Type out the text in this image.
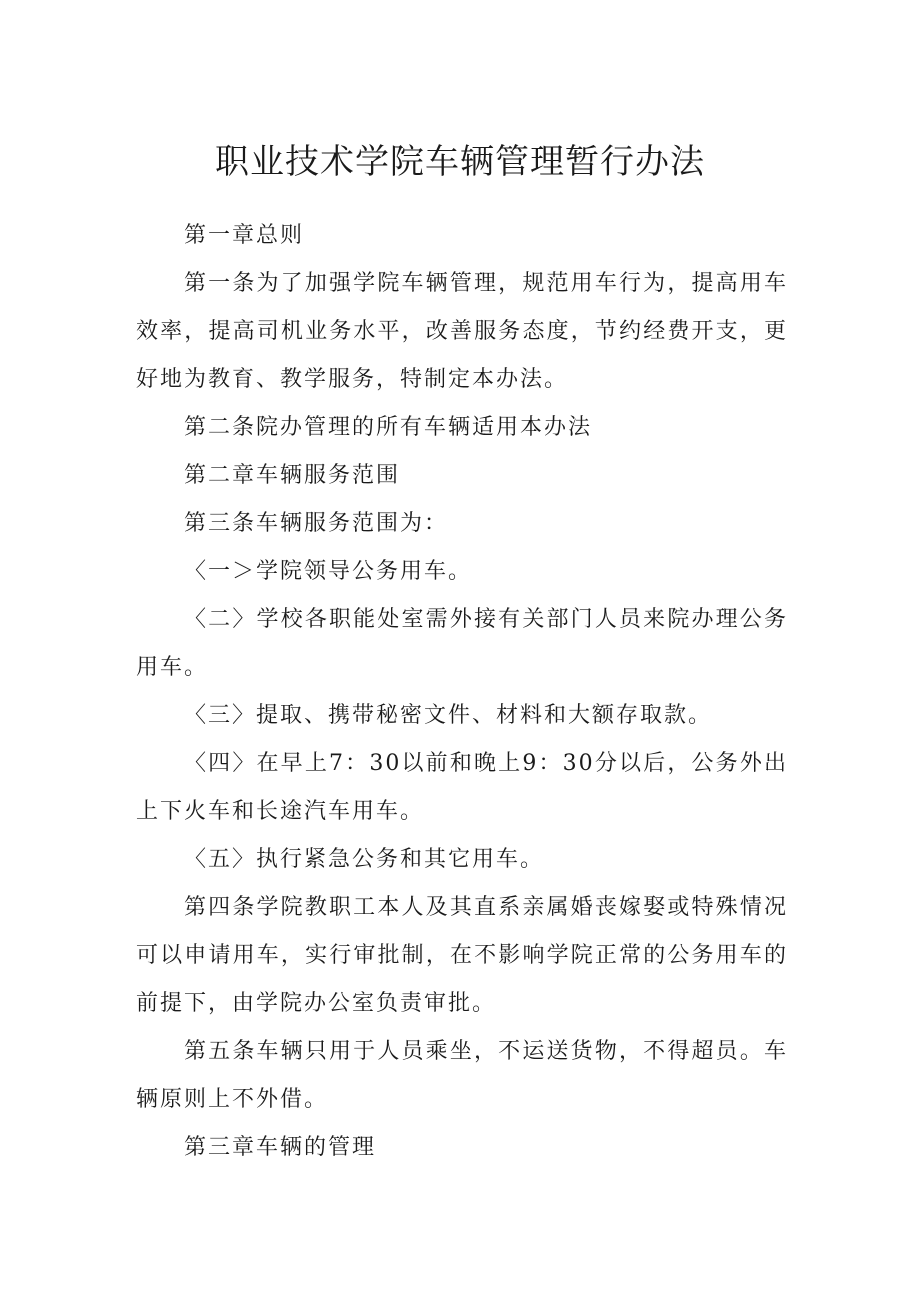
职业技术学院车辆管理暂行办法

第一章总则

第一条为了加强学院车辆管理，规范用车行为，提高用车效率，提高司机业务水平，改善服务态度，节约经费开支，更好地为教育、教学服务，特制定本办法。

第二条院办管理的所有车辆适用本办法

第二章车辆服务范围

第三条车辆服务范围为：

〈一＞学院领导公务用车。

〈二〉学校各职能处室需外接有关部门人员来院办理公务用车。

〈三〉提取、携带秘密文件、材料和大额存取款。

〈四〉在早上7：30以前和晚上9：30分以后，公务外出上下火车和长途汽车用车。

〈五〉执行紧急公务和其它用车。

第四条学院教职工本人及其直系亲属婚丧嫁娶或特殊情况可以申请用车，实行审批制，在不影响学院正常的公务用车的前提下，由学院办公室负责审批。

第五条车辆只用于人员乘坐，不运送货物，不得超员。车辆原则上不外借。

第三章车辆的管理
